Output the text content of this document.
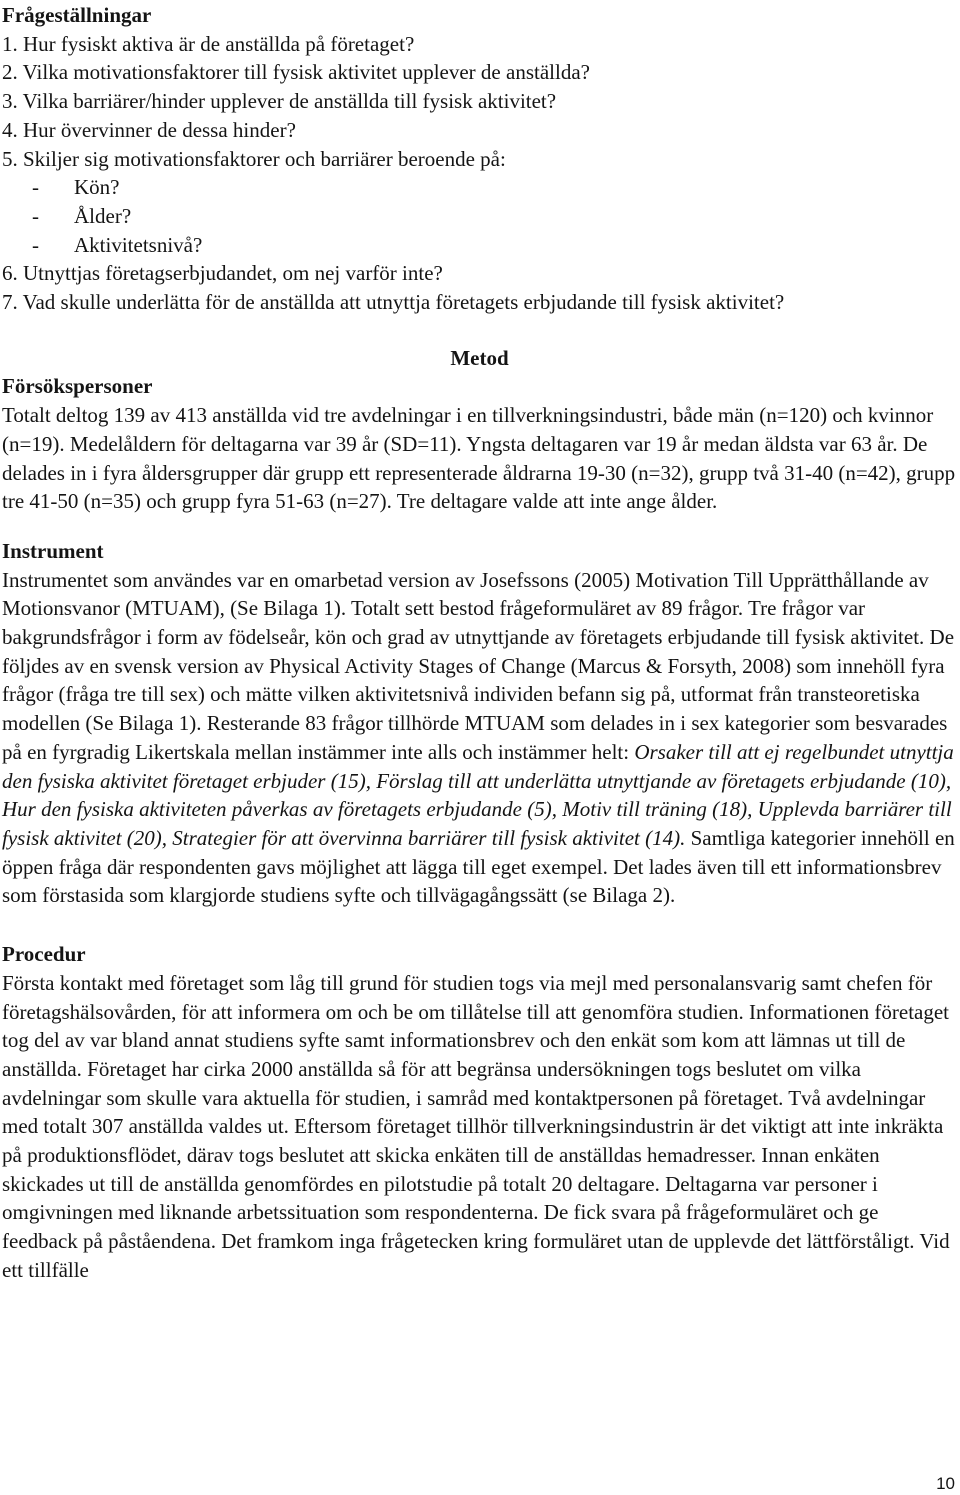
Frågeställningar
1. Hur fysiskt aktiva är de anställda på företaget?
2. Vilka motivationsfaktorer till fysisk aktivitet upplever de anställda?
3. Vilka barriärer/hinder upplever de anställda till fysisk aktivitet?
4. Hur övervinner de dessa hinder?
5. Skiljer sig motivationsfaktorer och barriärer beroende på:
- Kön?
- Ålder?
- Aktivitetsnivå?
6. Utnyttjas företagserbjudandet, om nej varför inte?
7. Vad skulle underlätta för de anställda att utnyttja företagets erbjudande till fysisk aktivitet?
Metod
Försökspersoner

Totalt deltog 139 av 413 anställda vid tre avdelningar i en tillverkningsindustri, både män (n=120) och kvinnor (n=19). Medelåldern för deltagarna var 39 år (SD=11). Yngsta deltagaren var 19 år medan äldsta var 63 år. De delades in i fyra åldersgrupper där grupp ett representerade åldrarna 19-30 (n=32), grupp två 31-40 (n=42), grupp tre 41-50 (n=35) och grupp fyra 51-63 (n=27). Tre deltagare valde att inte ange ålder.

Instrument

Instrumentet som användes var en omarbetad version av Josefssons (2005) Motivation Till Upprätthållande av Motionsvanor (MTUAM), (Se Bilaga 1). Totalt sett bestod frågeformuläret av 89 frågor. Tre frågor var bakgrundsfrågor i form av födelseår, kön och grad av utnyttjande av företagets erbjudande till fysisk aktivitet. De följdes av en svensk version av Physical Activity Stages of Change (Marcus & Forsyth, 2008) som innehöll fyra frågor (fråga tre till sex) och mätte vilken aktivitetsnivå individen befann sig på, utformat från transteoretiska modellen (Se Bilaga 1). Resterande 83 frågor tillhörde MTUAM som delades in i sex kategorier som besvarades på en fyrgradig Likertskala mellan instämmer inte alls och instämmer helt: Orsaker till att ej regelbundet utnyttja den fysiska aktivitet företaget erbjuder (15), Förslag till att underlätta utnyttjande av företagets erbjudande (10), Hur den fysiska aktiviteten påverkas av företagets erbjudande (5), Motiv till träning (18), Upplevda barriärer till fysisk aktivitet (20), Strategier för att övervinna barriärer till fysisk aktivitet (14). Samtliga kategorier innehöll en öppen fråga där respondenten gavs möjlighet att lägga till eget exempel. Det lades även till ett informationsbrev som förstasida som klargjorde studiens syfte och tillvägagångssätt (se Bilaga 2).

Procedur

Första kontakt med företaget som låg till grund för studien togs via mejl med personalansvarig samt chefen för företagshälsovården, för att informera om och be om tillåtelse till att genomföra studien. Informationen företaget tog del av var bland annat studiens syfte samt informationsbrev och den enkät som kom att lämnas ut till de anställda. Företaget har cirka 2000 anställda så för att begränsa undersökningen togs beslutet om vilka avdelningar som skulle vara aktuella för studien, i samråd med kontaktpersonen på företaget. Två avdelningar med totalt 307 anställda valdes ut. Eftersom företaget tillhör tillverkningsindustrin är det viktigt att inte inkräkta på produktionsflödet, därav togs beslutet att skicka enkäten till de anställdas hemadresser. Innan enkäten skickades ut till de anställda genomfördes en pilotstudie på totalt 20 deltagare. Deltagarna var personer i omgivningen med liknande arbetssituation som respondenterna. De fick svara på frågeformuläret och ge feedback på påståendena. Det framkom inga frågetecken kring formuläret utan de upplevde det lättförståligt. Vid ett tillfälle

10
